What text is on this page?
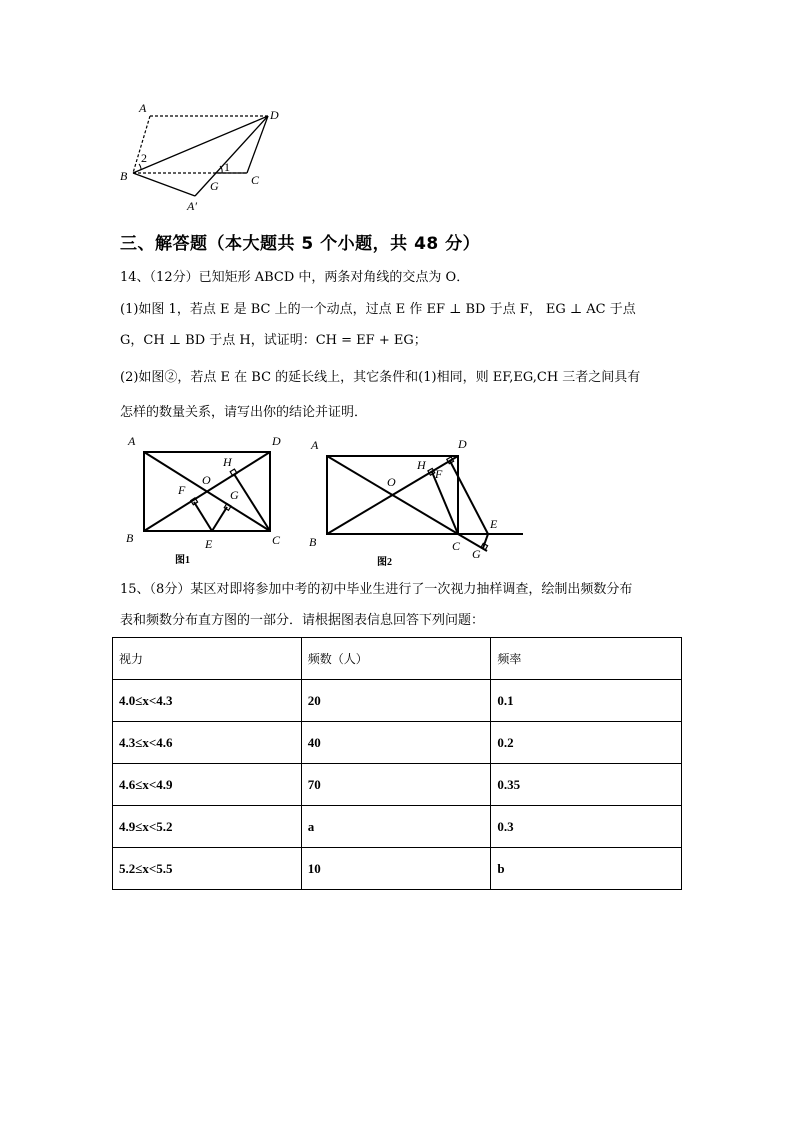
A	D
B	C
G
A′
1
2
三、解答题（本大题共 5 个小题，共 48 分）
14、（12分）已知矩形 ABCD 中，两条对角线的交点为 O．
(1)如图 1，若点 E 是 BC 上的一个动点，过点 E 作 EF ⊥ BD 于点 F， EG ⊥ AC 于点
G，CH ⊥ BD 于点 H，试证明：CH = EF + EG；
(2)如图②，若点 E 在 BC 的延长线上，其它条件和(1)相同，则 EF,EG,CH 三者之间具有
怎样的数量关系，请写出你的结论并证明．
A	D
B	C
O
H
F	G
E
图1
A	D
B	C
O
H
F
G
E
图2
15、（8分）某区对即将参加中考的初中毕业生进行了一次视力抽样调查，绘制出频数分布
表和频数分布直方图的一部分．请根据图表信息回答下列问题：
视力	频数（人）	频率
4.0≤x<4.3	20	0.1
4.3≤x<4.6	40	0.2
4.6≤x<4.9	70	0.35
4.9≤x<5.2	a	0.3
5.2≤x<5.5	10	b
